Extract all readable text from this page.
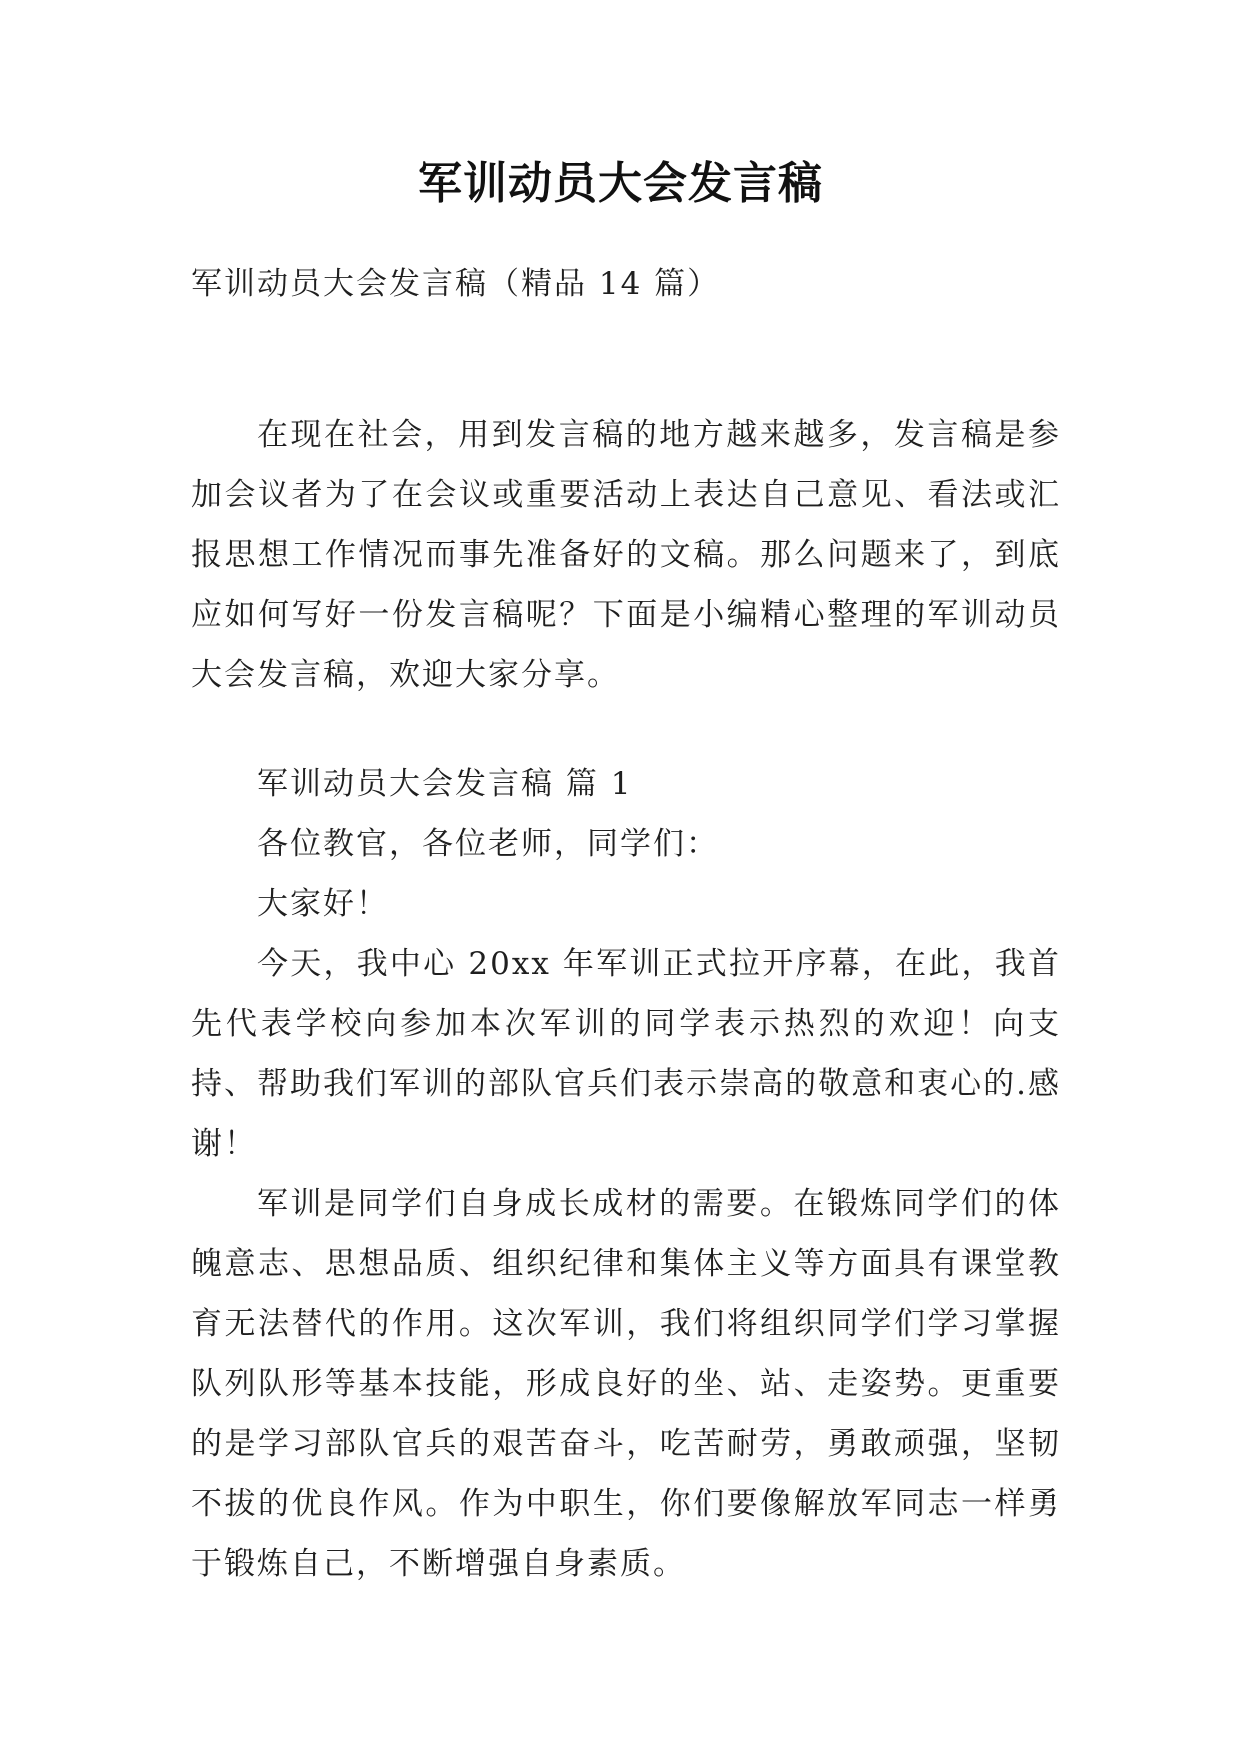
军训动员大会发言稿

军训动员大会发言稿（精品 14 篇）

在现在社会，用到发言稿的地方越来越多，发言稿是参加会议者为了在会议或重要活动上表达自己意见、看法或汇报思想工作情况而事先准备好的文稿。那么问题来了，到底应如何写好一份发言稿呢？下面是小编精心整理的军训动员大会发言稿，欢迎大家分享。

军训动员大会发言稿 篇 1

各位教官，各位老师，同学们：

大家好！

今天，我中心 20xx 年军训正式拉开序幕，在此，我首先代表学校向参加本次军训的同学表示热烈的欢迎！向支持、帮助我们军训的部队官兵们表示崇高的敬意和衷心的.感谢！

军训是同学们自身成长成材的需要。在锻炼同学们的体魄意志、思想品质、组织纪律和集体主义等方面具有课堂教育无法替代的作用。这次军训，我们将组织同学们学习掌握队列队形等基本技能，形成良好的坐、站、走姿势。更重要的是学习部队官兵的艰苦奋斗，吃苦耐劳，勇敢顽强，坚韧不拔的优良作风。作为中职生，你们要像解放军同志一样勇于锻炼自己，不断增强自身素质。
